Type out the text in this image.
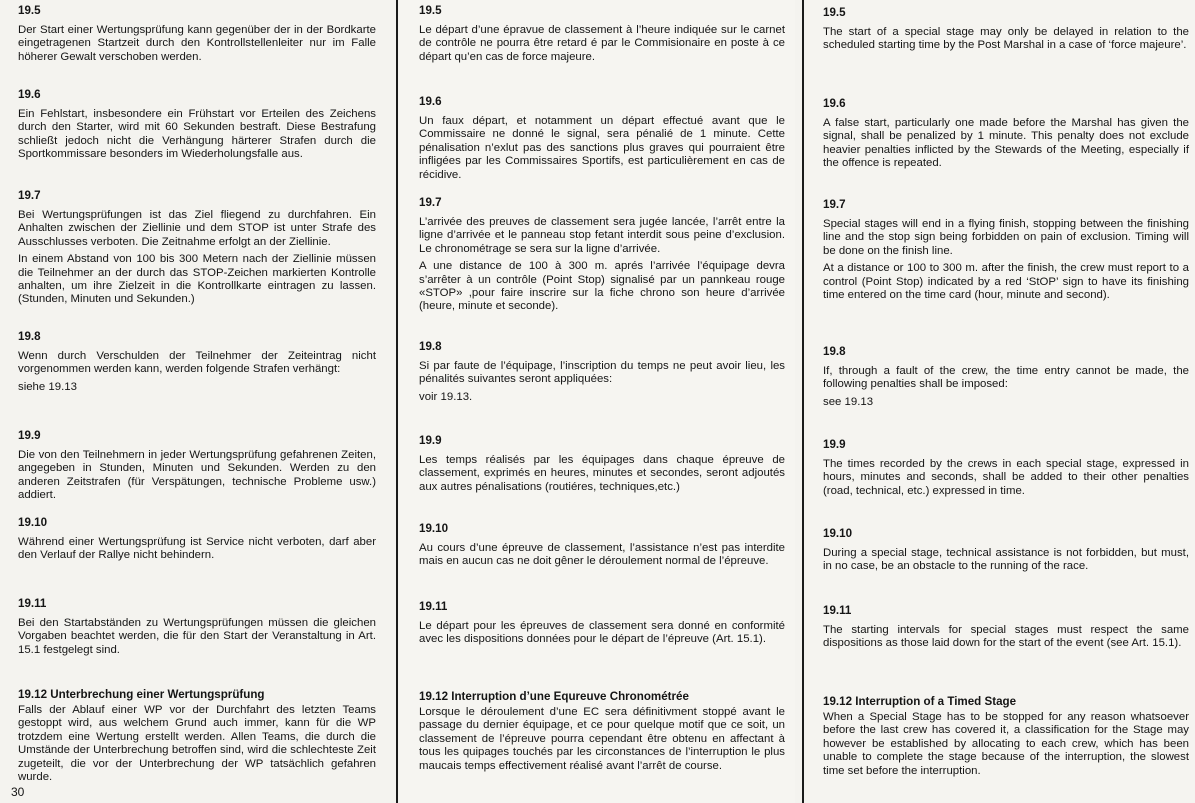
19.5

Der Start einer Wertungsprüfung kann gegenüber der in der Bordkarte eingetragenen Startzeit durch den Kontrollstellenleiter nur im Falle höherer Gewalt verschoben werden.

19.6

Ein Fehlstart, insbesondere ein Frühstart vor Erteilen des Zeichens durch den Starter, wird mit 60 Sekunden bestraft. Diese Bestrafung schließt jedoch nicht die Verhängung härterer Strafen durch die Sportkommissare besonders im Wiederholungsfalle aus.

19.7

Bei Wertungsprüfungen ist das Ziel fliegend zu durchfahren. Ein Anhalten zwischen der Ziellinie und dem STOP ist unter Strafe des Ausschlusses verboten. Die Zeitnahme erfolgt an der Ziellinie.

In einem Abstand von 100 bis 300 Metern nach der Ziellinie müssen die Teilnehmer an der durch das STOP-Zeichen markierten Kontrolle anhalten, um ihre Zielzeit in die Kontrollkarte eintragen zu lassen. (Stunden, Minuten und Sekunden.)

19.8

Wenn durch Verschulden der Teilnehmer der Zeiteintrag nicht vorgenommen werden kann, werden folgende Strafen verhängt:

siehe 19.13

19.9

Die von den Teilnehmern in jeder Wertungsprüfung gefahrenen Zeiten, angegeben in Stunden, Minuten und Sekunden. Werden zu den anderen Zeitstrafen (für Verspätungen, technische Probleme usw.) addiert.

19.10

Während einer Wertungsprüfung ist Service nicht verboten, darf aber den Verlauf der Rallye nicht behindern.

19.11

Bei den Startabständen zu Wertungsprüfungen müssen die gleichen Vorgaben beachtet werden, die für den Start der Veranstaltung in Art. 15.1 festgelegt sind.

19.12 Unterbrechung einer Wertungsprüfung

Falls der Ablauf einer WP vor der Durchfahrt des letzten Teams gestoppt wird, aus welchem Grund auch immer, kann für die WP trotzdem eine Wertung erstellt werden. Allen Teams, die durch die Umstände der Unterbrechung betroffen sind, wird die schlechteste Zeit zugeteilt, die vor der Unterbrechung der WP tatsächlich gefahren wurde.

19.5

Le départ d’une épravue de classement à l’heure indiquée sur le carnet de contrôle ne pourra être retard é par le Commisionaire en poste à ce départ qu’en cas de force majeure.

19.6

Un faux départ, et notamment un départ effectué avant que le Commissaire ne donné le signal, sera pénalié de 1 minute. Cette pénalisation n’exlut pas des sanctions plus graves qui pourraient être infligées par les Commissaires Sportifs, est particulièrement en cas de récidive.

19.7

L’arrivée des preuves de classement sera jugée lancée, l’arrêt entre la ligne d’arrivée et le panneau stop fetant interdit sous peine d’exclusion. Le chronométrage se sera sur la ligne d’arrivée.

A une distance de 100 à 300 m. aprés l’arrivée l’équipage devra s’arrêter à un contrôle (Point Stop) signalisé par un pannkeau rouge «STOP» ,pour faire inscrire sur la fiche chrono son heure d’arrivée (heure, minute et seconde).

19.8

Si par faute de l’équipage, l’inscription du temps ne peut avoir lieu, les pénalités suivantes seront appliquées:

voir 19.13.

19.9

Les temps réalisés par les équipages dans chaque épreuve de classement, exprimés en heures, minutes et secondes, seront adjoutés aux autres pénalisations (routiéres, techniques,etc.)

19.10

Au cours d’une épreuve de classement, l’assistance n’est pas interdite mais en aucun cas ne doit gêner le déroulement normal de l’épreuve.

19.11

Le départ pour les épreuves de classement sera donné en conformité avec les dispositions données pour le départ de l’épreuve (Art. 15.1).

19.12 Interruption d’une Equreuve Chronométrée

Lorsque le déroulement d’une EC sera définitivment stoppé avant le passage du dernier équipage, et ce pour quelque motif que ce soit, un classement de l’épreuve pourra cependant être obtenu en affectant à tous les quipages touchés par les circonstances de l’interruption le plus maucais temps effectivement réalisé avant l’arrêt de course.

19.5

The start of a special stage may only be delayed in relation to the scheduled starting time by the Post Marshal in a case of ‘force majeure’.

19.6

A false start, particularly one made before the Marshal has given the signal, shall be penalized by 1 minute. This penalty does not exclude heavier penalties inflicted by the Stewards of the Meeting, especially if the offence is repeated.

19.7

Special stages will end in a flying finish, stopping between the finishing line and the stop sign being forbidden on pain of exclusion. Timing will be done on the finish line.

At a distance or 100 to 300 m. after the finish, the crew must report to a control (Point Stop) indicated by a red ‘StOP’ sign to have its finishing time entered on the time card (hour, minute and second).

19.8

If, through a fault of the crew, the time entry cannot be made, the following penalties shall be imposed:

see 19.13

19.9

The times recorded by the crews in each special stage, expressed in hours, minutes and seconds, shall be added to their other penalties (road, technical, etc.) expressed in time.

19.10

During a special stage, technical assistance is not forbidden, but must, in no case, be an obstacle to the running of the race.

19.11

The starting intervals for special stages must respect the same dispositions as those laid down for the start of the event (see Art. 15.1).

19.12 Interruption of a Timed Stage

When a Special Stage has to be stopped for any reason whatsoever before the last crew has covered it, a classification for the Stage may however be established by allocating to each crew, which has been unable to complete the stage because of the interruption, the slowest time set before the interruption.

30
